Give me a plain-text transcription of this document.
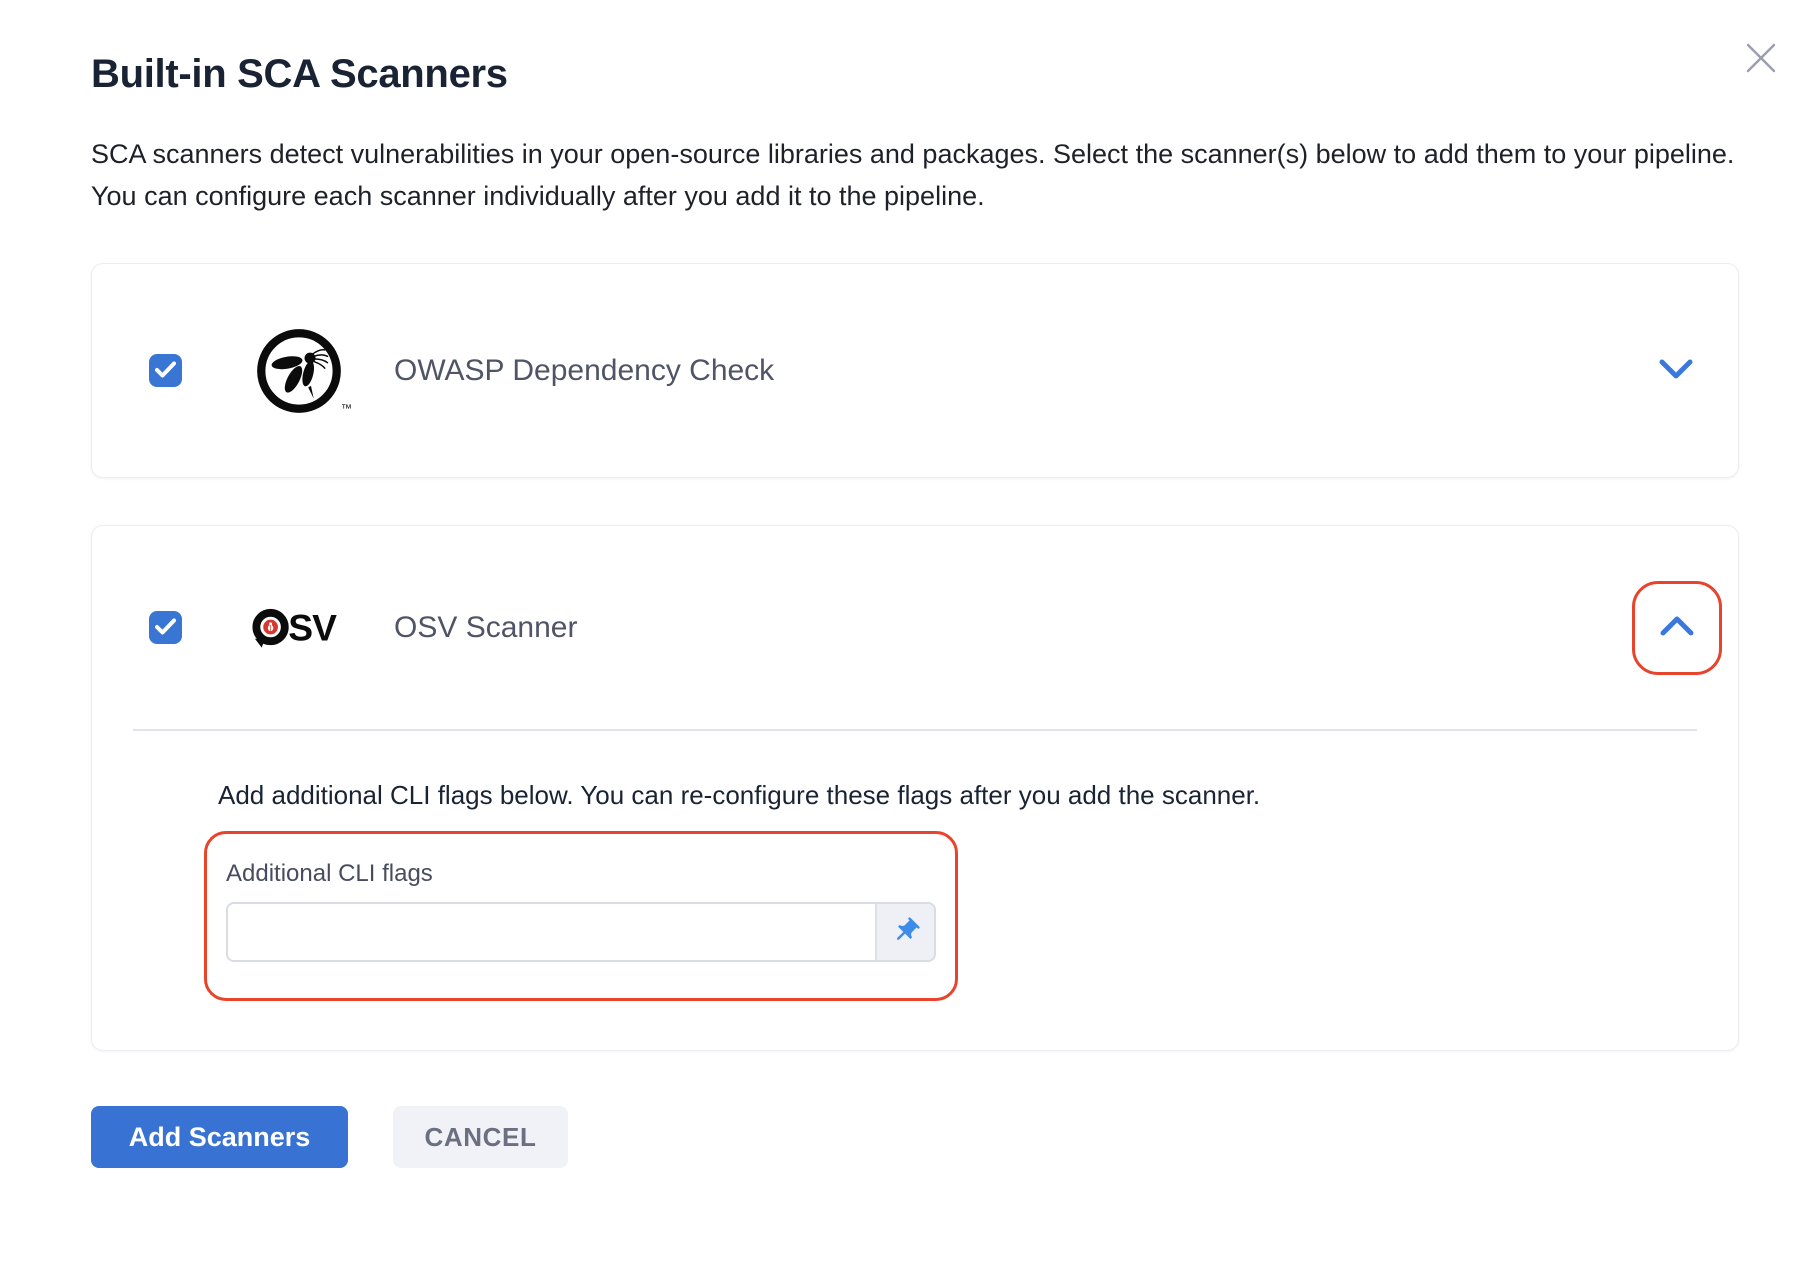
Built-in SCA Scanners

SCA scanners detect vulnerabilities in your open-source libraries and packages. Select the scanner(s) below to add them to your pipeline. You can configure each scanner individually after you add it to the pipeline.

™
OWASP Dependency Check
SV OSV Scanner
Add additional CLI flags below. You can re-configure these flags after you add the scanner.
Additional CLI flags
Add Scanners	CANCEL
